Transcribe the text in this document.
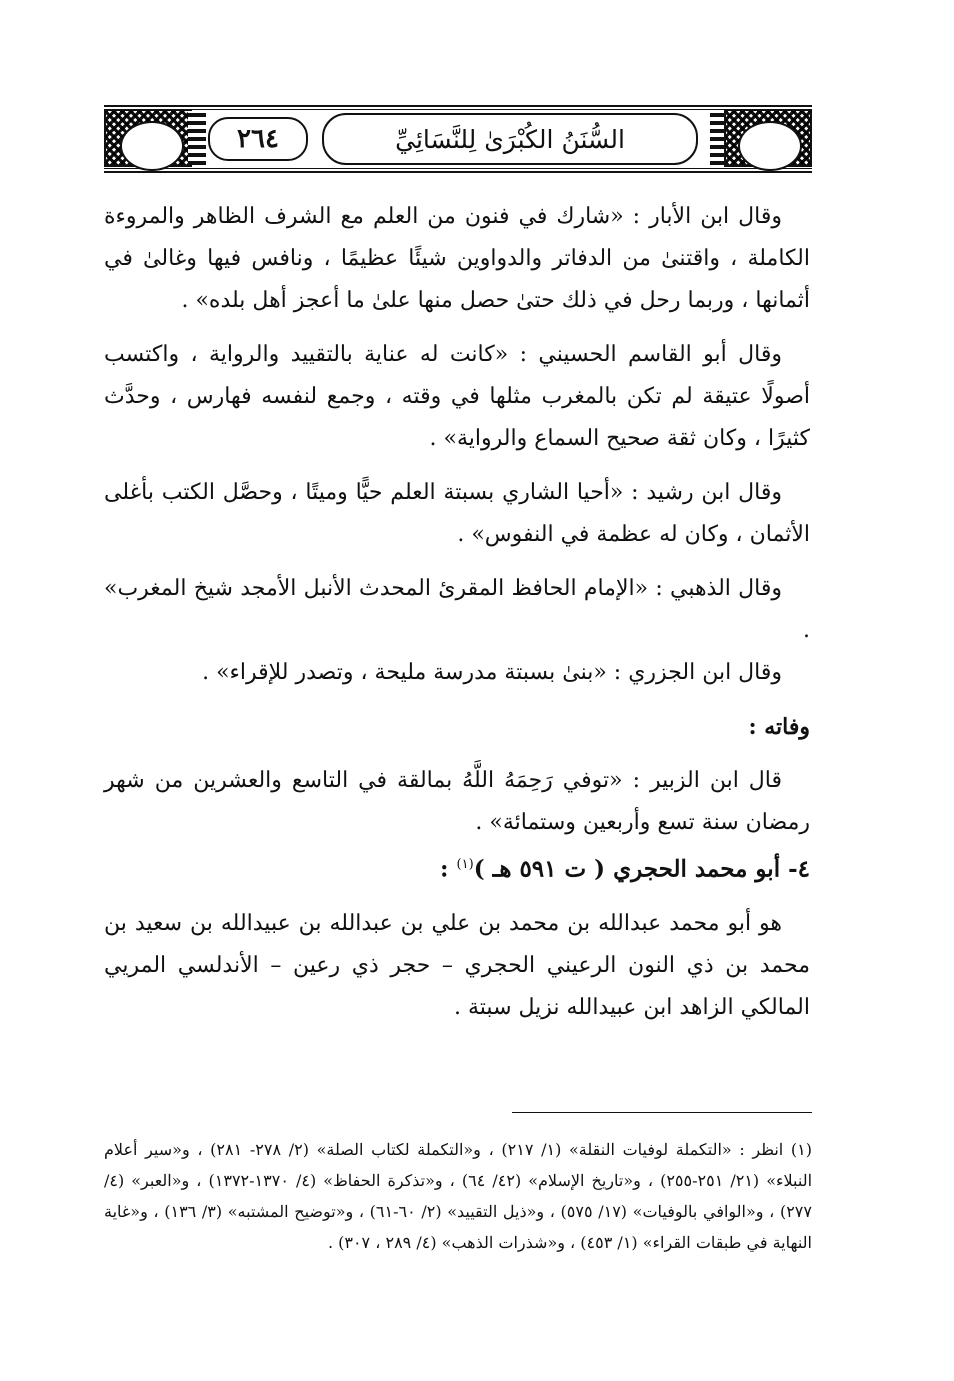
٢٦٤	السُّنَنُ الكُبْرَىٰ لِلنَّسَائِيِّ

وقال ابن الأبار : «شارك في فنون من العلم مع الشرف الظاهر والمروءة الكاملة ، واقتنىٰ من الدفاتر والدواوين شيئًا عظيمًا ، ونافس فيها وغالىٰ في أثمانها ، وربما رحل في ذلك حتىٰ حصل منها علىٰ ما أعجز أهل بلده» .

وقال أبو القاسم الحسيني : «كانت له عناية بالتقييد والرواية ، واكتسب أصولًا عتيقة لم تكن بالمغرب مثلها في وقته ، وجمع لنفسه فهارس ، وحدَّث كثيرًا ، وكان ثقة صحيح السماع والرواية» .

وقال ابن رشيد : «أحيا الشاري بسبتة العلم حيًّا وميتًا ، وحصَّل الكتب بأغلى الأثمان ، وكان له عظمة في النفوس» .

وقال الذهبي : «الإمام الحافظ المقرئ المحدث الأنبل الأمجد شيخ المغرب» .

وقال ابن الجزري : «بنىٰ بسبتة مدرسة مليحة ، وتصدر للإقراء» .

وفاته :

قال ابن الزبير : «توفي رَحِمَهُ اللَّهُ بمالقة في التاسع والعشرين من شهر رمضان سنة تسع وأربعين وستمائة» .

٤- أبو محمد الحجري ( ت ٥٩١ هـ )$^{(١)}$ :

هو أبو محمد عبدالله بن محمد بن علي بن عبدالله بن عبيدالله بن سعيد بن محمد بن ذي النون الرعيني الحجري – حجر ذي رعين – الأندلسي المريي المالكي الزاهد ابن عبيدالله نزيل سبتة .

(١) انظر : «التكملة لوفيات النقلة» (١/ ٢١٧) ، و«التكملة لكتاب الصلة» (٢/ ٢٧٨- ٢٨١) ، و«سير أعلام النبلاء» (٢١/ ٢٥١-٢٥٥) ، و«تاريخ الإسلام» (٤٢/ ٦٤) ، و«تذكرة الحفاظ» (٤/ ١٣٧٠-١٣٧٢) ، و«العبر» (٤/ ٢٧٧) ، و«الوافي بالوفيات» (١٧/ ٥٧٥) ، و«ذيل التقييد» (٢/ ٦٠-٦١) ، و«توضيح المشتبه» (٣/ ١٣٦) ، و«غاية النهاية في طبقات القراء» (١/ ٤٥٣) ، و«شذرات الذهب» (٤/ ٢٨٩ ، ٣٠٧) .
